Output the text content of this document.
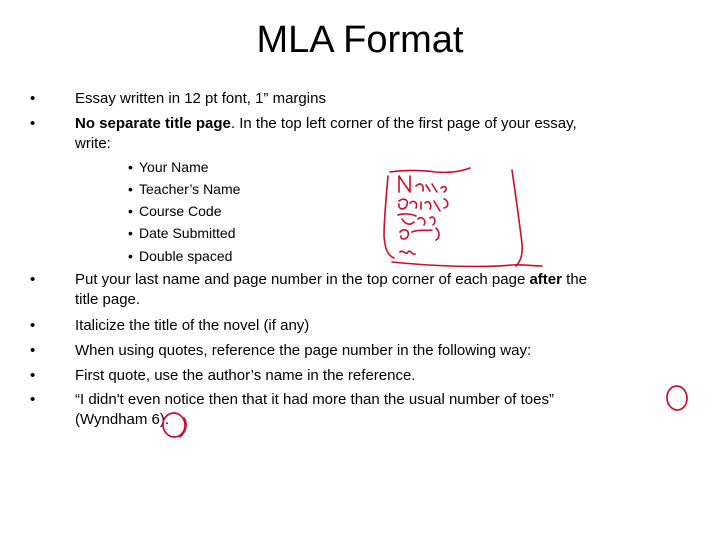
MLA Format
•	Essay written in 12 pt font, 1” margins
•	No separate title page. In the top left corner of the first page of your essay,
write:
• Your Name
• Teacher’s Name
• Course Code
• Date Submitted
• Double spaced
•	Put your last name and page number in the top corner of each page after the
title page.
•	Italicize the title of the novel (if any)
•	When using quotes, reference the page number in the following way:
•	First quote, use the author’s name in the reference.
•	“I didn't even notice then that it had more than the usual number of toes”
(Wyndham 6).
